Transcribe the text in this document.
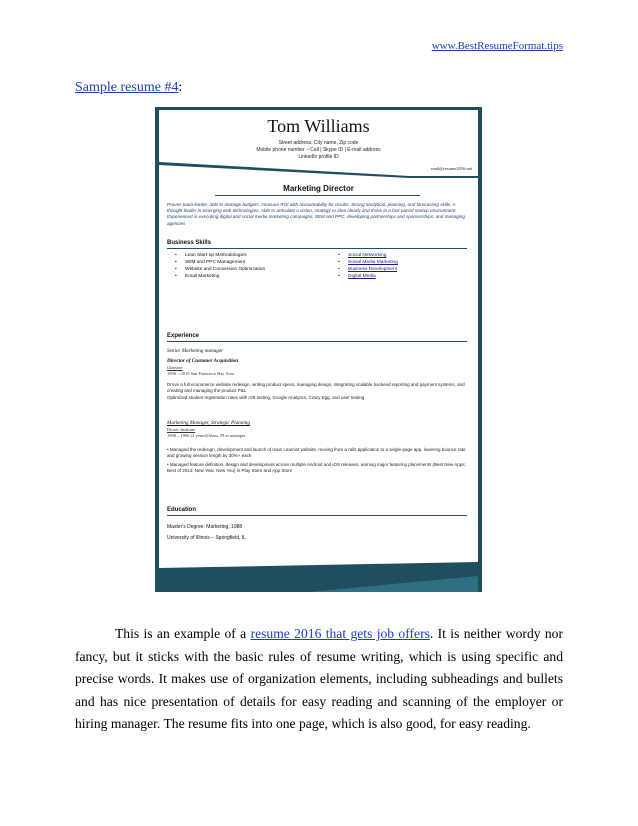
www.BestResumeFormat.tips
Sample resume #4:
Tom Williams
Street address, City name, Zip code
Mobile phone number – Cell | Skype ID | E-mail address
LinkedIn profile ID
mail@resume2016.net
Marketing Director
Proven team leader, able to manage budgets, measure ROI with accountability for results. Strong analytical, planning, and forecasting skills. A thought leader in emerging web technologies. Able to articulate a vision, strategy or idea clearly and thrive in a fast-paced startup environment. Experienced in executing digital and social media marketing campaigns, SEM and PPC, developing partnerships and sponsorships, and managing agencies
Business Skills
• Lean Start-up Methodologies
• SEM and PPC Management
• Website and Conversion Optimization
• Email Marketing
• Social Networking
• Social Media Marketing
• Business Development
• Digital Media
Experience
Senior Marketing manager
Director of Customer Acquisition
Glassine
1996 – 2015 San Francisco Bay Area
Drove a full ecommerce website redesign, writing product specs, managing design, integrating scalable backend reporting and payment systems, and creating and managing the product P&L
Optimized student registration rates with A/B testing, Google Analytics, Crazy Egg, and user testing
Marketing Manager, Strategic Planning
Dicsec Institute
1998 – 1996 (2 years)Orlass, FLet manager
• Managed the redesign, development and launch of main Learnist website, moving from a rails application to a single-page app, lowering bounce rate and growing session length by 30%+ each
• Managed feature definition, design and development across multiple Android and iOS releases, earning major featuring placements (Best New Apps; Best of 2014; New Year, New You) in Play Store and App Store
Education
Master's Degree: Marketing, 1988
University of Illinois – Springfield, IL
This is an example of a resume 2016 that gets job offers. It is neither wordy nor fancy, but it sticks with the basic rules of resume writing, which is using specific and precise words. It makes use of organization elements, including subheadings and bullets and has nice presentation of details for easy reading and scanning of the employer or hiring manager. The resume fits into one page, which is also good, for easy reading.
